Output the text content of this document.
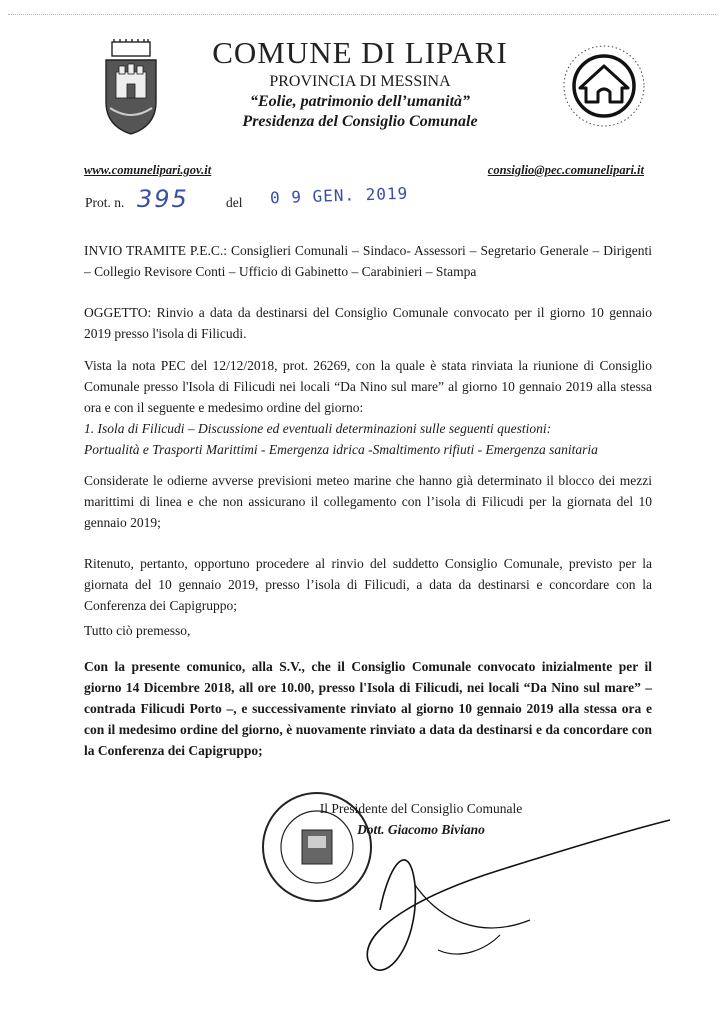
COMUNE DI LIPARI
PROVINCIA DI MESSINA
“Eolie, patrimonio dell’umanità”
Presidenza del Consiglio Comunale
www.comunelipari.gov.it	consiglio@pec.comunelipari.it
Prot. n. 395	del 0 9 GEN. 2019

INVIO TRAMITE P.E.C.: Consiglieri Comunali – Sindaco- Assessori – Segretario Generale – Dirigenti – Collegio Revisore Conti – Ufficio di Gabinetto – Carabinieri – Stampa

OGGETTO: Rinvio a data da destinarsi del Consiglio Comunale convocato per il giorno 10 gennaio 2019 presso l'isola di Filicudi.

Vista la nota PEC del 12/12/2018, prot. 26269, con la quale è stata rinviata la riunione di Consiglio Comunale presso l'Isola di Filicudi nei locali “Da Nino sul mare” al giorno 10 gennaio 2019 alla stessa ora e con il seguente e medesimo ordine del giorno:

1. Isola di Filicudi – Discussione ed eventuali determinazioni sulle seguenti questioni:

Portualità e Trasporti Marittimi - Emergenza idrica -Smaltimento rifiuti - Emergenza sanitaria

Considerate le odierne avverse previsioni meteo marine che hanno già determinato il blocco dei mezzi marittimi di linea e che non assicurano il collegamento con l’isola di Filicudi per la giornata del 10 gennaio 2019;

Ritenuto, pertanto, opportuno procedere al rinvio del suddetto Consiglio Comunale, previsto per la giornata del 10 gennaio 2019, presso l’isola di Filicudi, a data da destinarsi e concordare con la Conferenza dei Capigruppo;

Tutto ciò premesso,

Con la presente comunico, alla S.V., che il Consiglio Comunale convocato inizialmente per il giorno 14 Dicembre 2018, all ore 10.00, presso l'Isola di Filicudi, nei locali “Da Nino sul mare” – contrada Filicudi Porto –, e successivamente rinviato al giorno 10 gennaio 2019 alla stessa ora e con il medesimo ordine del giorno, è nuovamente rinviato a data da destinarsi e da concordare con la Conferenza dei Capigruppo;

Il Presidente del Consiglio Comunale
Dott. Giacomo Biviano
